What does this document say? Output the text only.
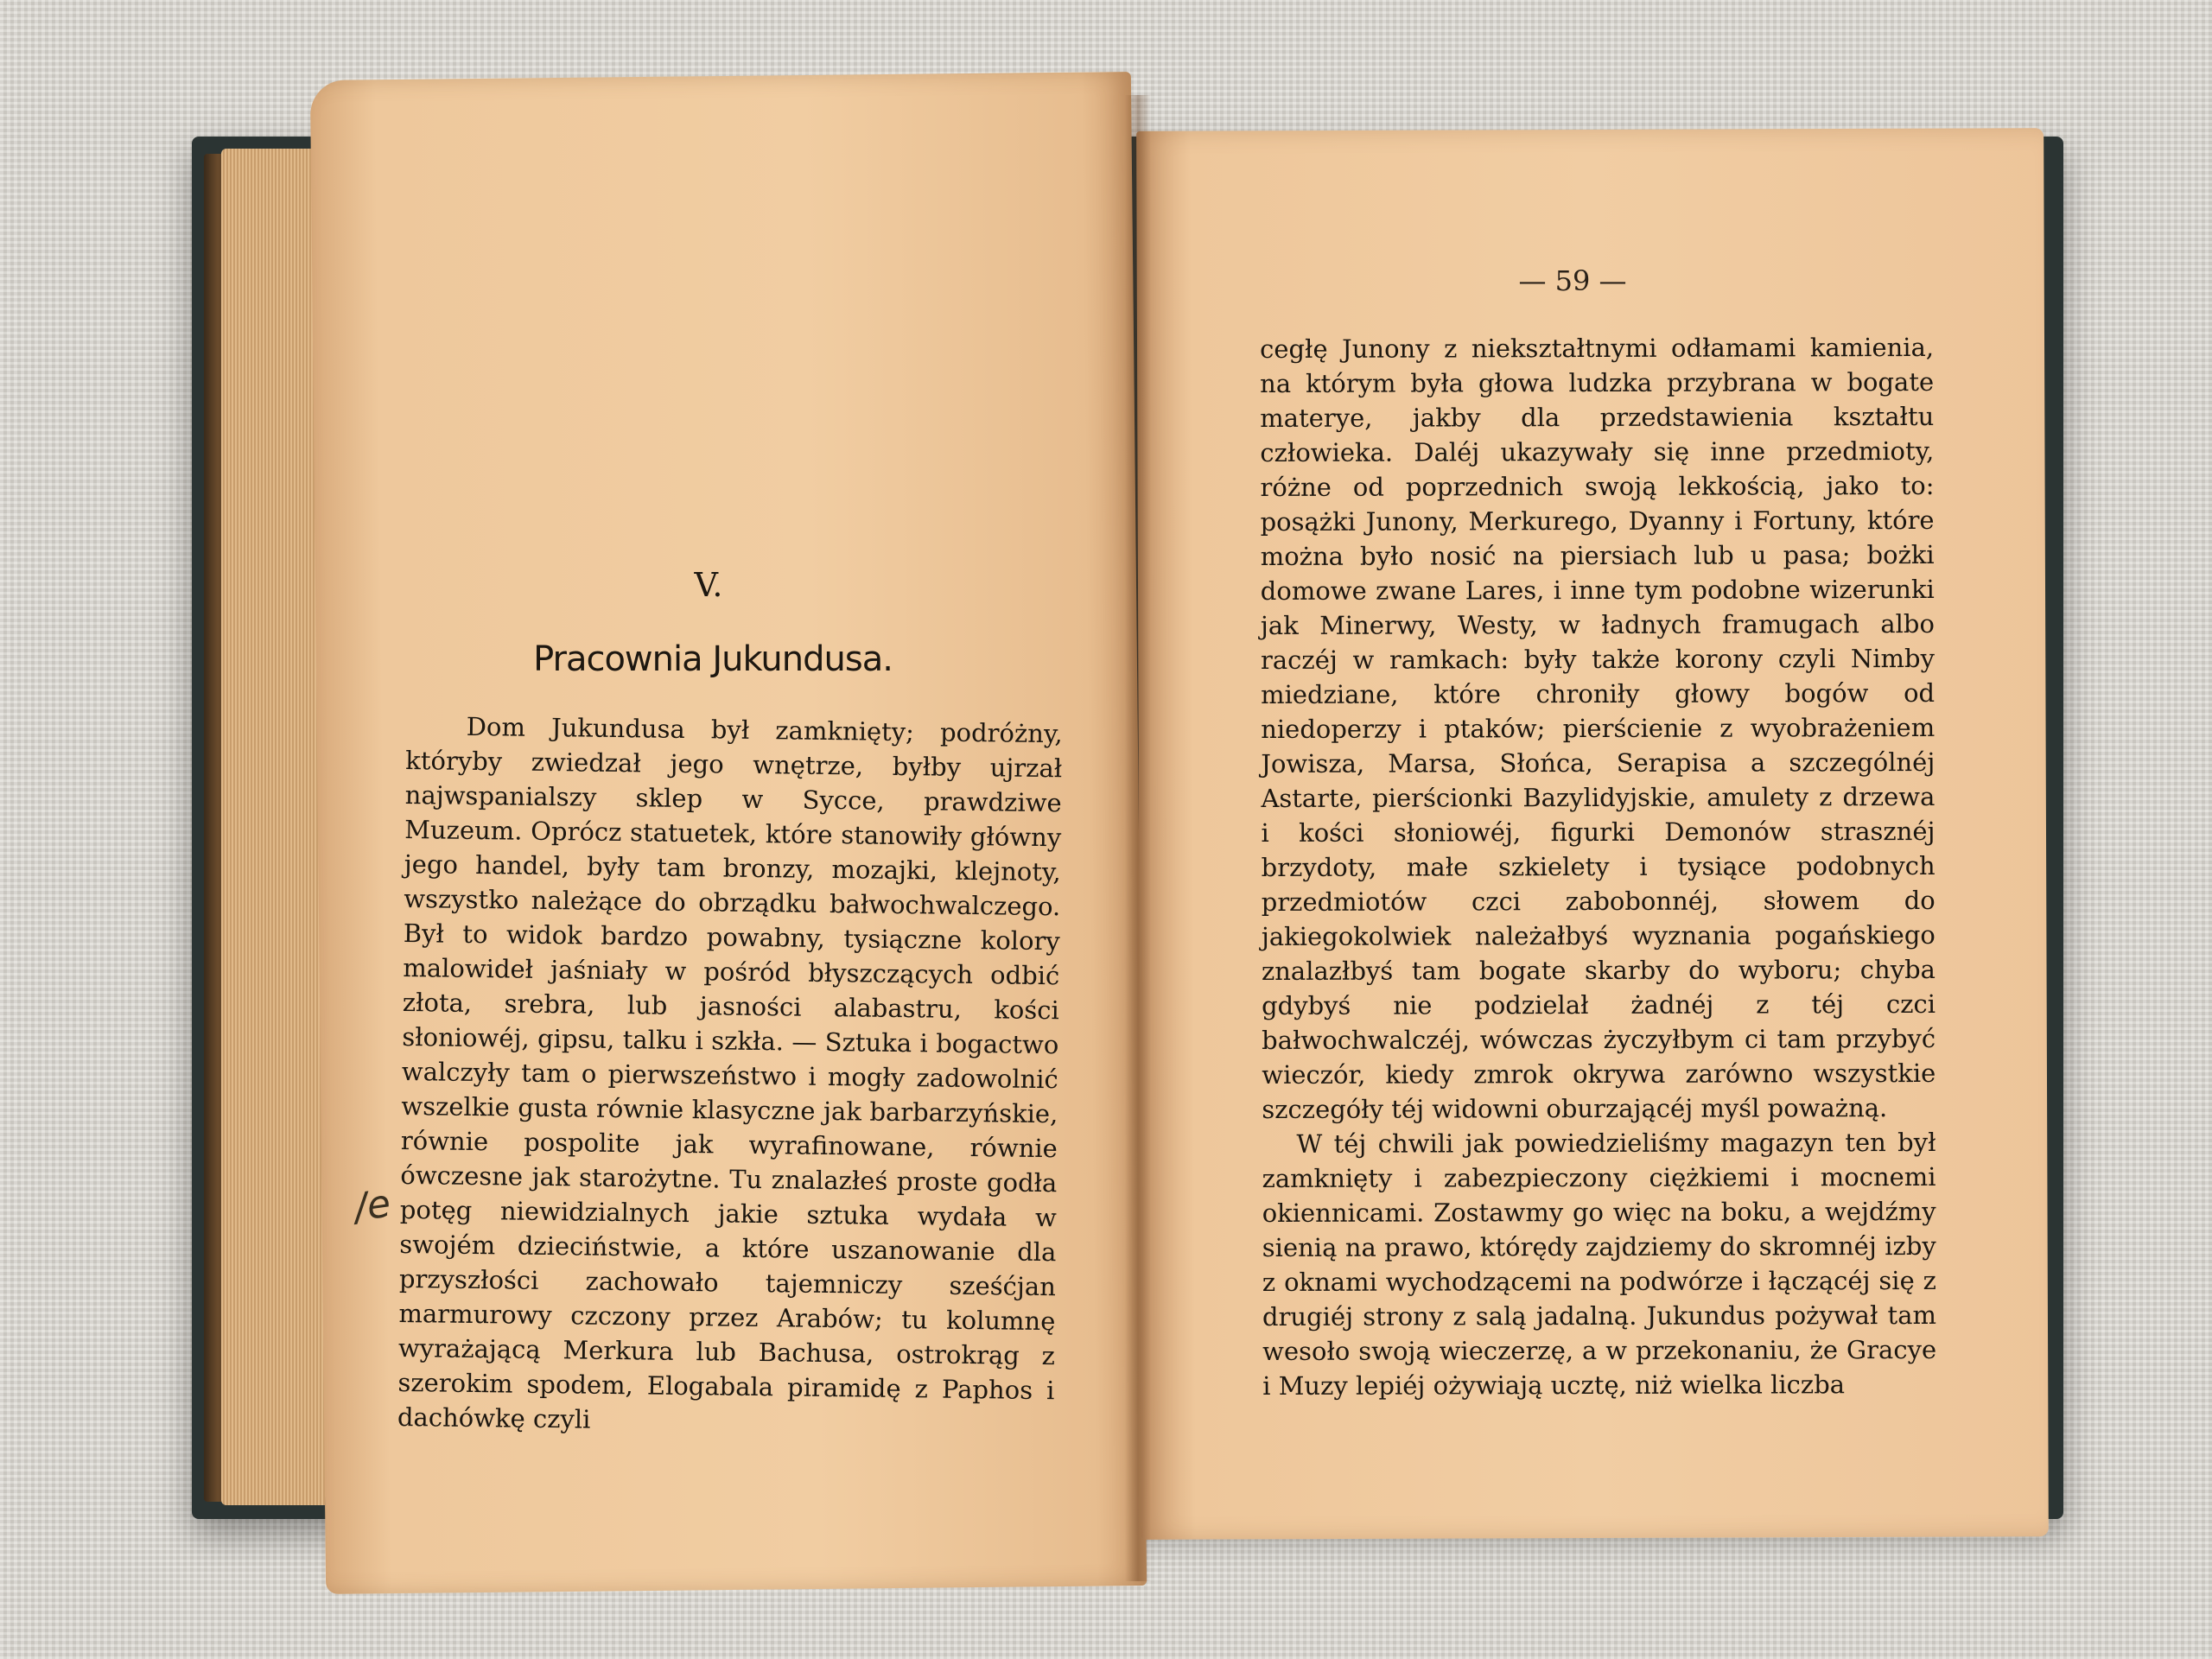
V.
Pracownia Jukundusa.

Dom Jukundusa był zamknięty; podróżny, któryby zwiedzał jego wnętrze, byłby ujrzał najwspanialszy sklep w Sycce, prawdziwe Muzeum. Oprócz statuetek, które stanowiły główny jego handel, były tam bronzy, mozajki, klejnoty, wszystko należące do obrządku bałwochwalczego. Był to widok bardzo powabny, tysiączne kolory malowideł jaśniały w pośród błyszczących odbić złota, srebra, lub jasności alabastru, kości słoniowéj, gipsu, talku i szkła. — Sztuka i bogactwo walczyły tam o pierwszeństwo i mogły zadowolnić wszelkie gusta równie klasyczne jak barbarzyńskie, równie pospolite jak wyrafinowane, równie ówczesne jak starożytne. Tu znalazłeś proste godła potęg niewidzialnych jakie sztuka wydała w swojém dzieciństwie, a które uszanowanie dla przyszłości zachowało tajemniczy sześćjan marmurowy czczony przez Arabów; tu kolumnę wyrażającą Merkura lub Bachusa, ostrokrąg z szerokim spodem, Elogabala piramidę z Paphos i dachówkę czyli

/e
— 59 —

cegłę Junony z niekształtnymi odłamami kamienia, na którym była głowa ludzka przybrana w bogate materye, jakby dla przedstawienia kształtu człowieka. Daléj ukazywały się inne przedmioty, różne od poprzednich swoją lekkością, jako to: posążki Junony, Merkurego, Dyanny i Fortuny, które można było nosić na piersiach lub u pasa; bożki domowe zwane Lares, i inne tym podobne wizerunki jak Minerwy, Westy, w ładnych framugach albo raczéj w ramkach: były także korony czyli Nimby miedziane, które chroniły głowy bogów od niedoperzy i ptaków; pierścienie z wyobrażeniem Jowisza, Marsa, Słońca, Serapisa a szczególnéj Astarte, pierścionki Bazylidyjskie, amulety z drzewa i kości słoniowéj, figurki Demonów strasznéj brzydoty, małe szkielety i tysiące podobnych przedmiotów czci zabobonnéj, słowem do jakiegokolwiek należałbyś wyznania pogańskiego znalazłbyś tam bogate skarby do wyboru; chyba gdybyś nie podzielał żadnéj z téj czci bałwochwalczéj, wówczas życzyłbym ci tam przybyć wieczór, kiedy zmrok okrywa zarówno wszystkie szczegóły téj widowni oburzającéj myśl poważną.

W téj chwili jak powiedzieliśmy magazyn ten był zamknięty i zabezpieczony ciężkiemi i mocnemi okiennicami. Zostawmy go więc na boku, a wejdźmy sienią na prawo, którędy zajdziemy do skromnéj izby z oknami wychodzącemi na podwórze i łączącéj się z drugiéj strony z salą jadalną. Jukundus pożywał tam wesoło swoją wieczerzę, a w przekonaniu, że Gracye i Muzy lepiéj ożywiają ucztę, niż wielka liczba
